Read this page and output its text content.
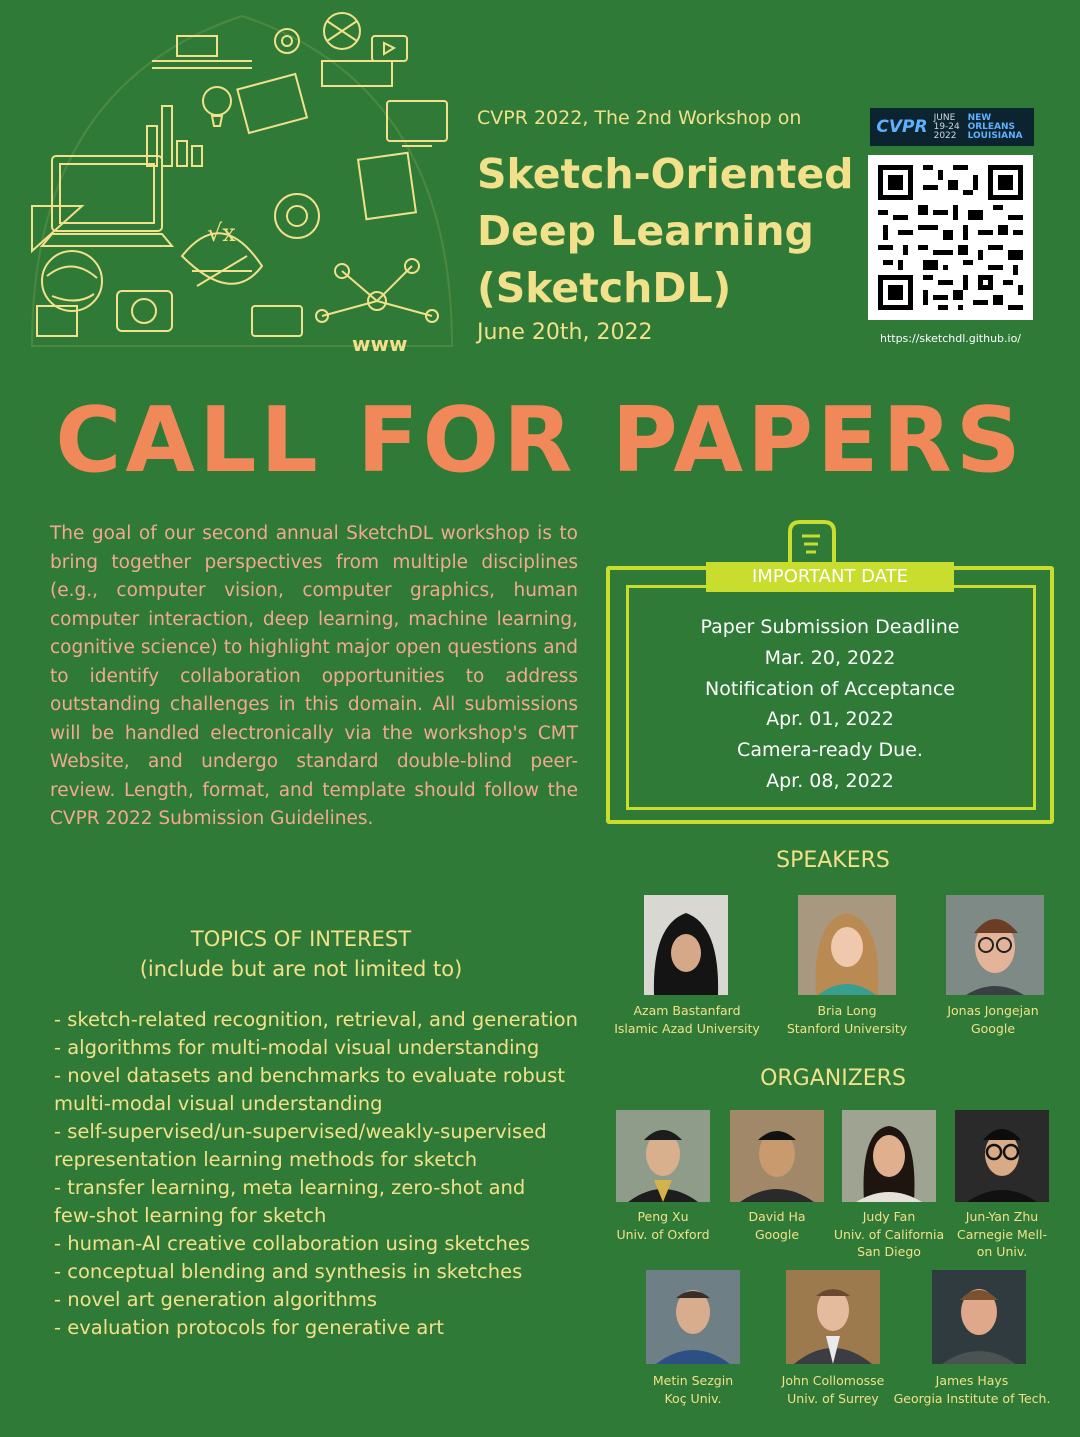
www
√x
CVPR 2022, The 2nd Workshop on
Sketch-Oriented
Deep Learning
(SketchDL)
June 20th, 2022
CVPR JUNE 19-24 2022
NEW ORLEANS LOUISIANA
https://sketchdl.github.io/
CALL FOR PAPERS
The goal of our second annual SketchDL workshop is to bring together perspectives from multiple disciplines (e.g., computer vision, computer graphics, human computer interaction, deep learning, machine learning, cognitive science) to highlight major open questions and to identify collaboration opportunities to address outstanding challenges in this domain. All submissions will be handled electronically via the workshop's CMT Website, and undergo standard double-blind peer-review. Length, format, and template should follow the CVPR 2022 Submission Guidelines.
IMPORTANT DATE
Paper Submission Deadline
Mar. 20, 2022
Notification of Acceptance
Apr. 01, 2022
Camera-ready Due.
Apr. 08, 2022
TOPICS OF INTEREST
(include but are not limited to)
- sketch-related recognition, retrieval, and generation
- algorithms for multi-modal visual understanding
- novel datasets and benchmarks to evaluate robust
multi-modal visual understanding
- self-supervised/un-supervised/weakly-supervised
representation learning methods for sketch
- transfer learning, meta learning, zero-shot and
few-shot learning for sketch
- human-AI creative collaboration using sketches
- conceptual blending and synthesis in sketches
- novel art generation algorithms
- evaluation protocols for generative art
SPEAKERS
Azam Bastanfard
Islamic Azad University
Bria Long
Stanford University
Jonas Jongejan
Google
ORGANIZERS
Peng Xu
Univ. of Oxford
David Ha
Google
Judy Fan
Univ. of California
San Diego
Jun-Yan Zhu
Carnegie Mell-
on Univ.
Metin Sezgin
Koç Univ.
John Collomosse
Univ. of Surrey
James Hays
Georgia Institute of Tech.
